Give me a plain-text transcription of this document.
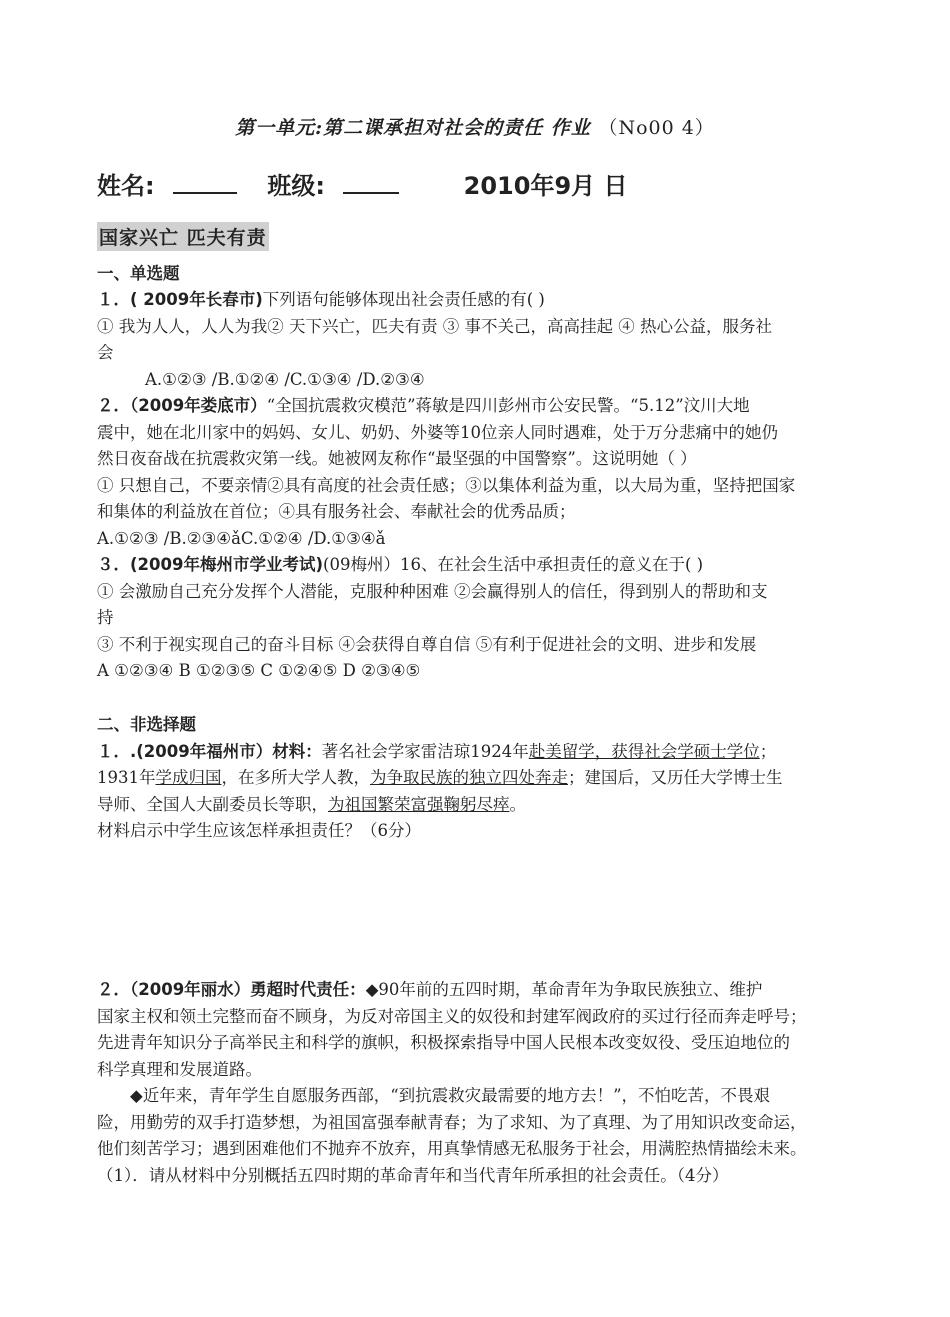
第一单元:第二课承担对社会的责任 作业 （No00 4）
姓名:	班级:	2010年9月 日
国家兴亡 匹夫有责
一、单选题
１．( 2009年长春市)下列语句能够体现出社会责任感的有( )
① 我为人人，人人为我② 天下兴亡，匹夫有责 ③ 事不关己，高高挂起 ④ 热心公益，服务社
会
A.①②③ /B.①②④ /C.①③④ /D.②③④
２．（2009年娄底市）“全国抗震救灾模范”蒋敏是四川彭州市公安民警。“5.12”汶川大地
震中，她在北川家中的妈妈、女儿、奶奶、外婆等10位亲人同时遇难，处于万分悲痛中的她仍
然日夜奋战在抗震救灾第一线。她被网友称作“最坚强的中国警察”。这说明她（ ）
① 只想自己，不要亲情②具有高度的社会责任感；③以集体利益为重，以大局为重，坚持把国家
和集体的利益放在首位；④具有服务社会、奉献社会的优秀品质；
A.①②③ /B.②③④ǎC.①②④ /D.①③④ǎ
３．(2009年梅州市学业考试)(09梅州）16、在社会生活中承担责任的意义在于( )
① 会激励自己充分发挥个人潜能，克服种种困难 ②会赢得别人的信任，得到别人的帮助和支
持
③ 不利于视实现自己的奋斗目标 ④会获得自尊自信 ⑤有利于促进社会的文明、进步和发展
A ①②③④ B ①②③⑤ C ①②④⑤ D ②③④⑤
二、非选择题
１．.(2009年福州市）材料：著名社会学家雷洁琼1924年赴美留学，获得社会学硕士学位；
1931年学成归国，在多所大学人教，为争取民族的独立四处奔走；建国后，又历任大学博士生
导师、全国人大副委员长等职，为祖国繁荣富强鞠躬尽瘁。
材料启示中学生应该怎样承担责任？（6分）
２．（2009年丽水）勇超时代责任：◆90年前的五四时期，革命青年为争取民族独立、维护
国家主权和领土完整而奋不顾身，为反对帝国主义的奴役和封建军阀政府的买过行径而奔走呼号；
先进青年知识分子高举民主和科学的旗帜，积极探索指导中国人民根本改变奴役、受压迫地位的
科学真理和发展道路。
◆近年来，青年学生自愿服务西部，“到抗震救灾最需要的地方去！”，不怕吃苦，不畏艰
险，用勤劳的双手打造梦想，为祖国富强奉献青春；为了求知、为了真理、为了用知识改变命运，
他们刻苦学习；遇到困难他们不抛弃不放弃，用真挚情感无私服务于社会，用满腔热情描绘未来。
（1）．请从材料中分别概括五四时期的革命青年和当代青年所承担的社会责任。（4分）
